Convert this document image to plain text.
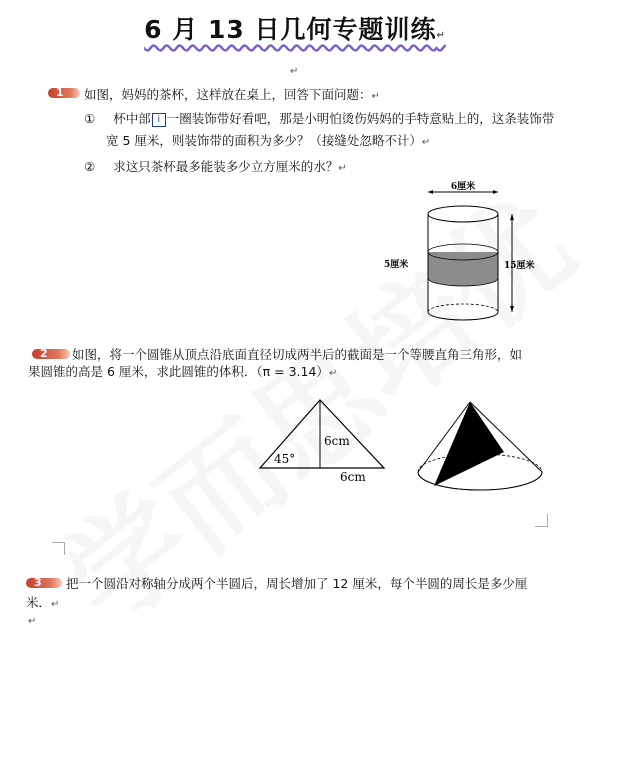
6 月 13 日几何专题训练↵
↵
1	如图，妈妈的茶杯，这样放在桌上，回答下面问题：↵
① 杯中部 i 一圈装饰带好看吧，那是小明怕烫伤妈妈的手特意贴上的，这条装饰带
宽 5 厘米，则装饰带的面积为多少？（接缝处忽略不计）↵
② 求这只茶杯最多能装多少立方厘米的水？↵
6厘米
5厘米	15厘米
2	如图，将一个圆锥从顶点沿底面直径切成两半后的截面是一个等腰直角三角形，如
果圆锥的高是 6 厘米，求此圆锥的体积．（π = 3.14）↵
6cm
45°
6cm
3	把一个圆沿对称轴分成两个半圆后，周长增加了 12 厘米，每个半圆的周长是多少厘
米．↵
↵
